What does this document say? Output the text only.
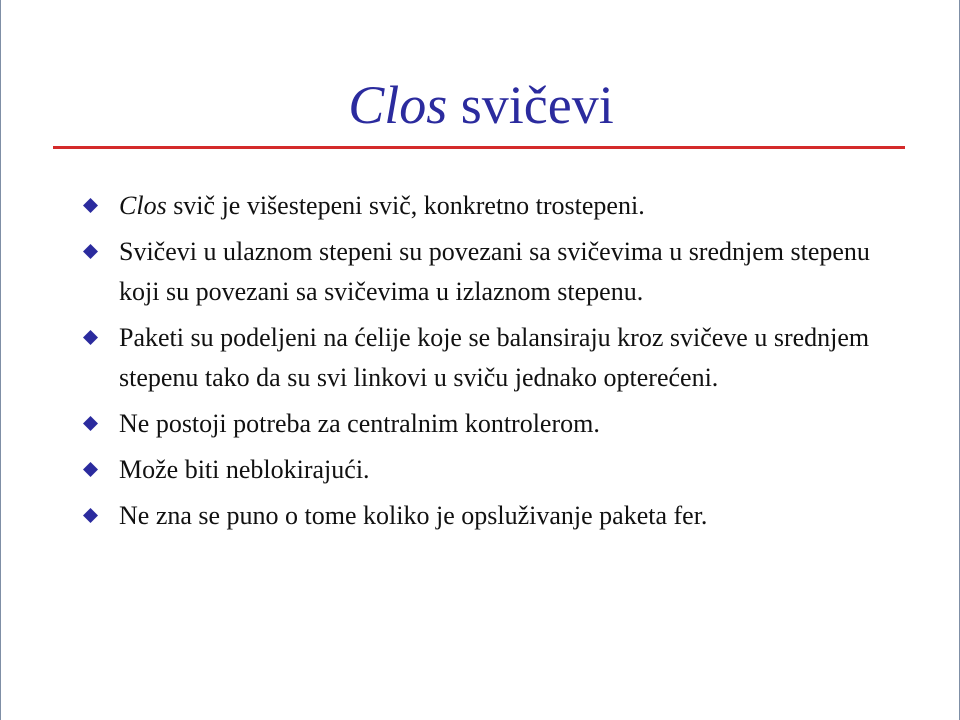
Clos svičevi
Clos svič je višestepeni svič, konkretno trostepeni.
Svičevi u ulaznom stepeni su povezani sa svičevima u srednjem stepenu koji su povezani sa svičevima u izlaznom stepenu.
Paketi su podeljeni na ćelije koje se balansiraju kroz svičeve u srednjem stepenu tako da su svi linkovi u sviču jednako opterećeni.
Ne postoji potreba za centralnim kontrolerom.
Može biti neblokirajući.
Ne zna se puno o tome koliko je opsluživanje paketa fer.
